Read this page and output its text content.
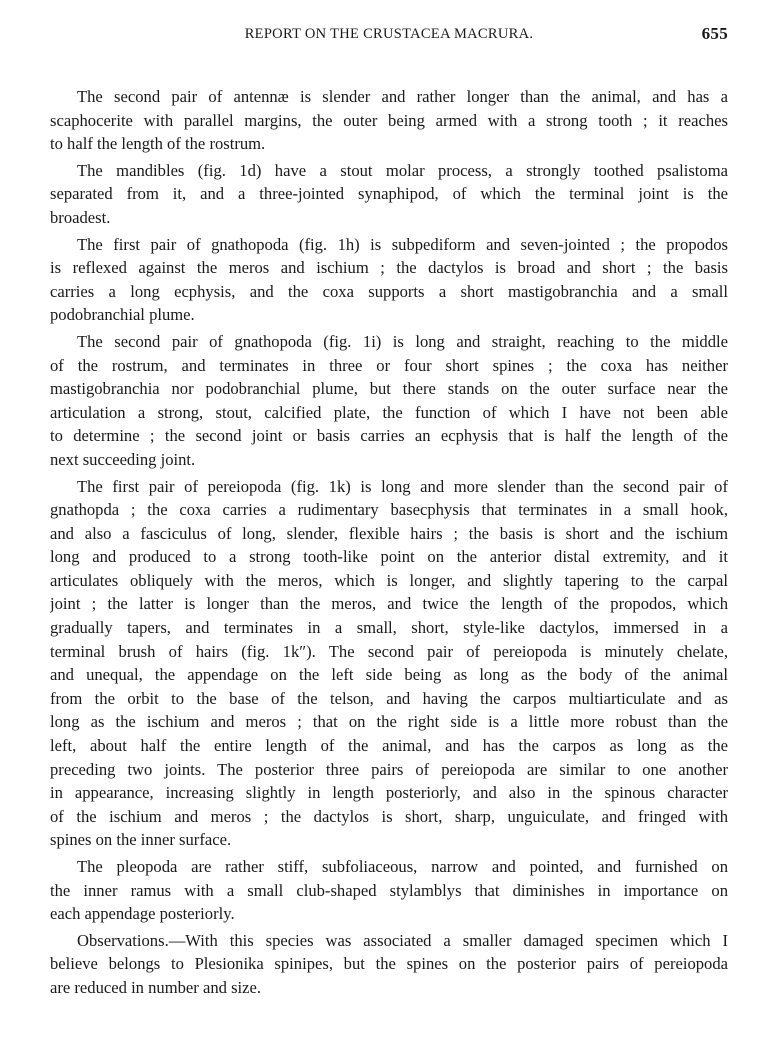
REPORT ON THE CRUSTACEA MACRURA.	655
The second pair of antennæ is slender and rather longer than the animal, and has a
scaphocerite with parallel margins, the outer being armed with a strong tooth ; it reaches
to half the length of the rostrum.
The mandibles (fig. 1d) have a stout molar process, a strongly toothed psalistoma
separated from it, and a three-jointed synaphipod, of which the terminal joint is the
broadest.
The first pair of gnathopoda (fig. 1h) is subpediform and seven-jointed ; the propodos
is reflexed against the meros and ischium ; the dactylos is broad and short ; the basis
carries a long ecphysis, and the coxa supports a short mastigobranchia and a small
podobranchial plume.
The second pair of gnathopoda (fig. 1i) is long and straight, reaching to the middle
of the rostrum, and terminates in three or four short spines ; the coxa has neither
mastigobranchia nor podobranchial plume, but there stands on the outer surface near the
articulation a strong, stout, calcified plate, the function of which I have not been able
to determine ; the second joint or basis carries an ecphysis that is half the length of the
next succeeding joint.
The first pair of pereiopoda (fig. 1k) is long and more slender than the second pair of
gnathopda ; the coxa carries a rudimentary basecphysis that terminates in a small hook,
and also a fasciculus of long, slender, flexible hairs ; the basis is short and the ischium
long and produced to a strong tooth-like point on the anterior distal extremity, and it
articulates obliquely with the meros, which is longer, and slightly tapering to the carpal
joint ; the latter is longer than the meros, and twice the length of the propodos, which
gradually tapers, and terminates in a small, short, style-like dactylos, immersed in a
terminal brush of hairs (fig. 1k″). The second pair of pereiopoda is minutely chelate,
and unequal, the appendage on the left side being as long as the body of the animal
from the orbit to the base of the telson, and having the carpos multiarticulate and as
long as the ischium and meros ; that on the right side is a little more robust than the
left, about half the entire length of the animal, and has the carpos as long as the
preceding two joints. The posterior three pairs of pereiopoda are similar to one another
in appearance, increasing slightly in length posteriorly, and also in the spinous character
of the ischium and meros ; the dactylos is short, sharp, unguiculate, and fringed with
spines on the inner surface.
The pleopoda are rather stiff, subfoliaceous, narrow and pointed, and furnished on
the inner ramus with a small club-shaped stylamblys that diminishes in importance on
each appendage posteriorly.
Observations.—With this species was associated a smaller damaged specimen which I
believe belongs to Plesionika spinipes, but the spines on the posterior pairs of pereiopoda
are reduced in number and size.
